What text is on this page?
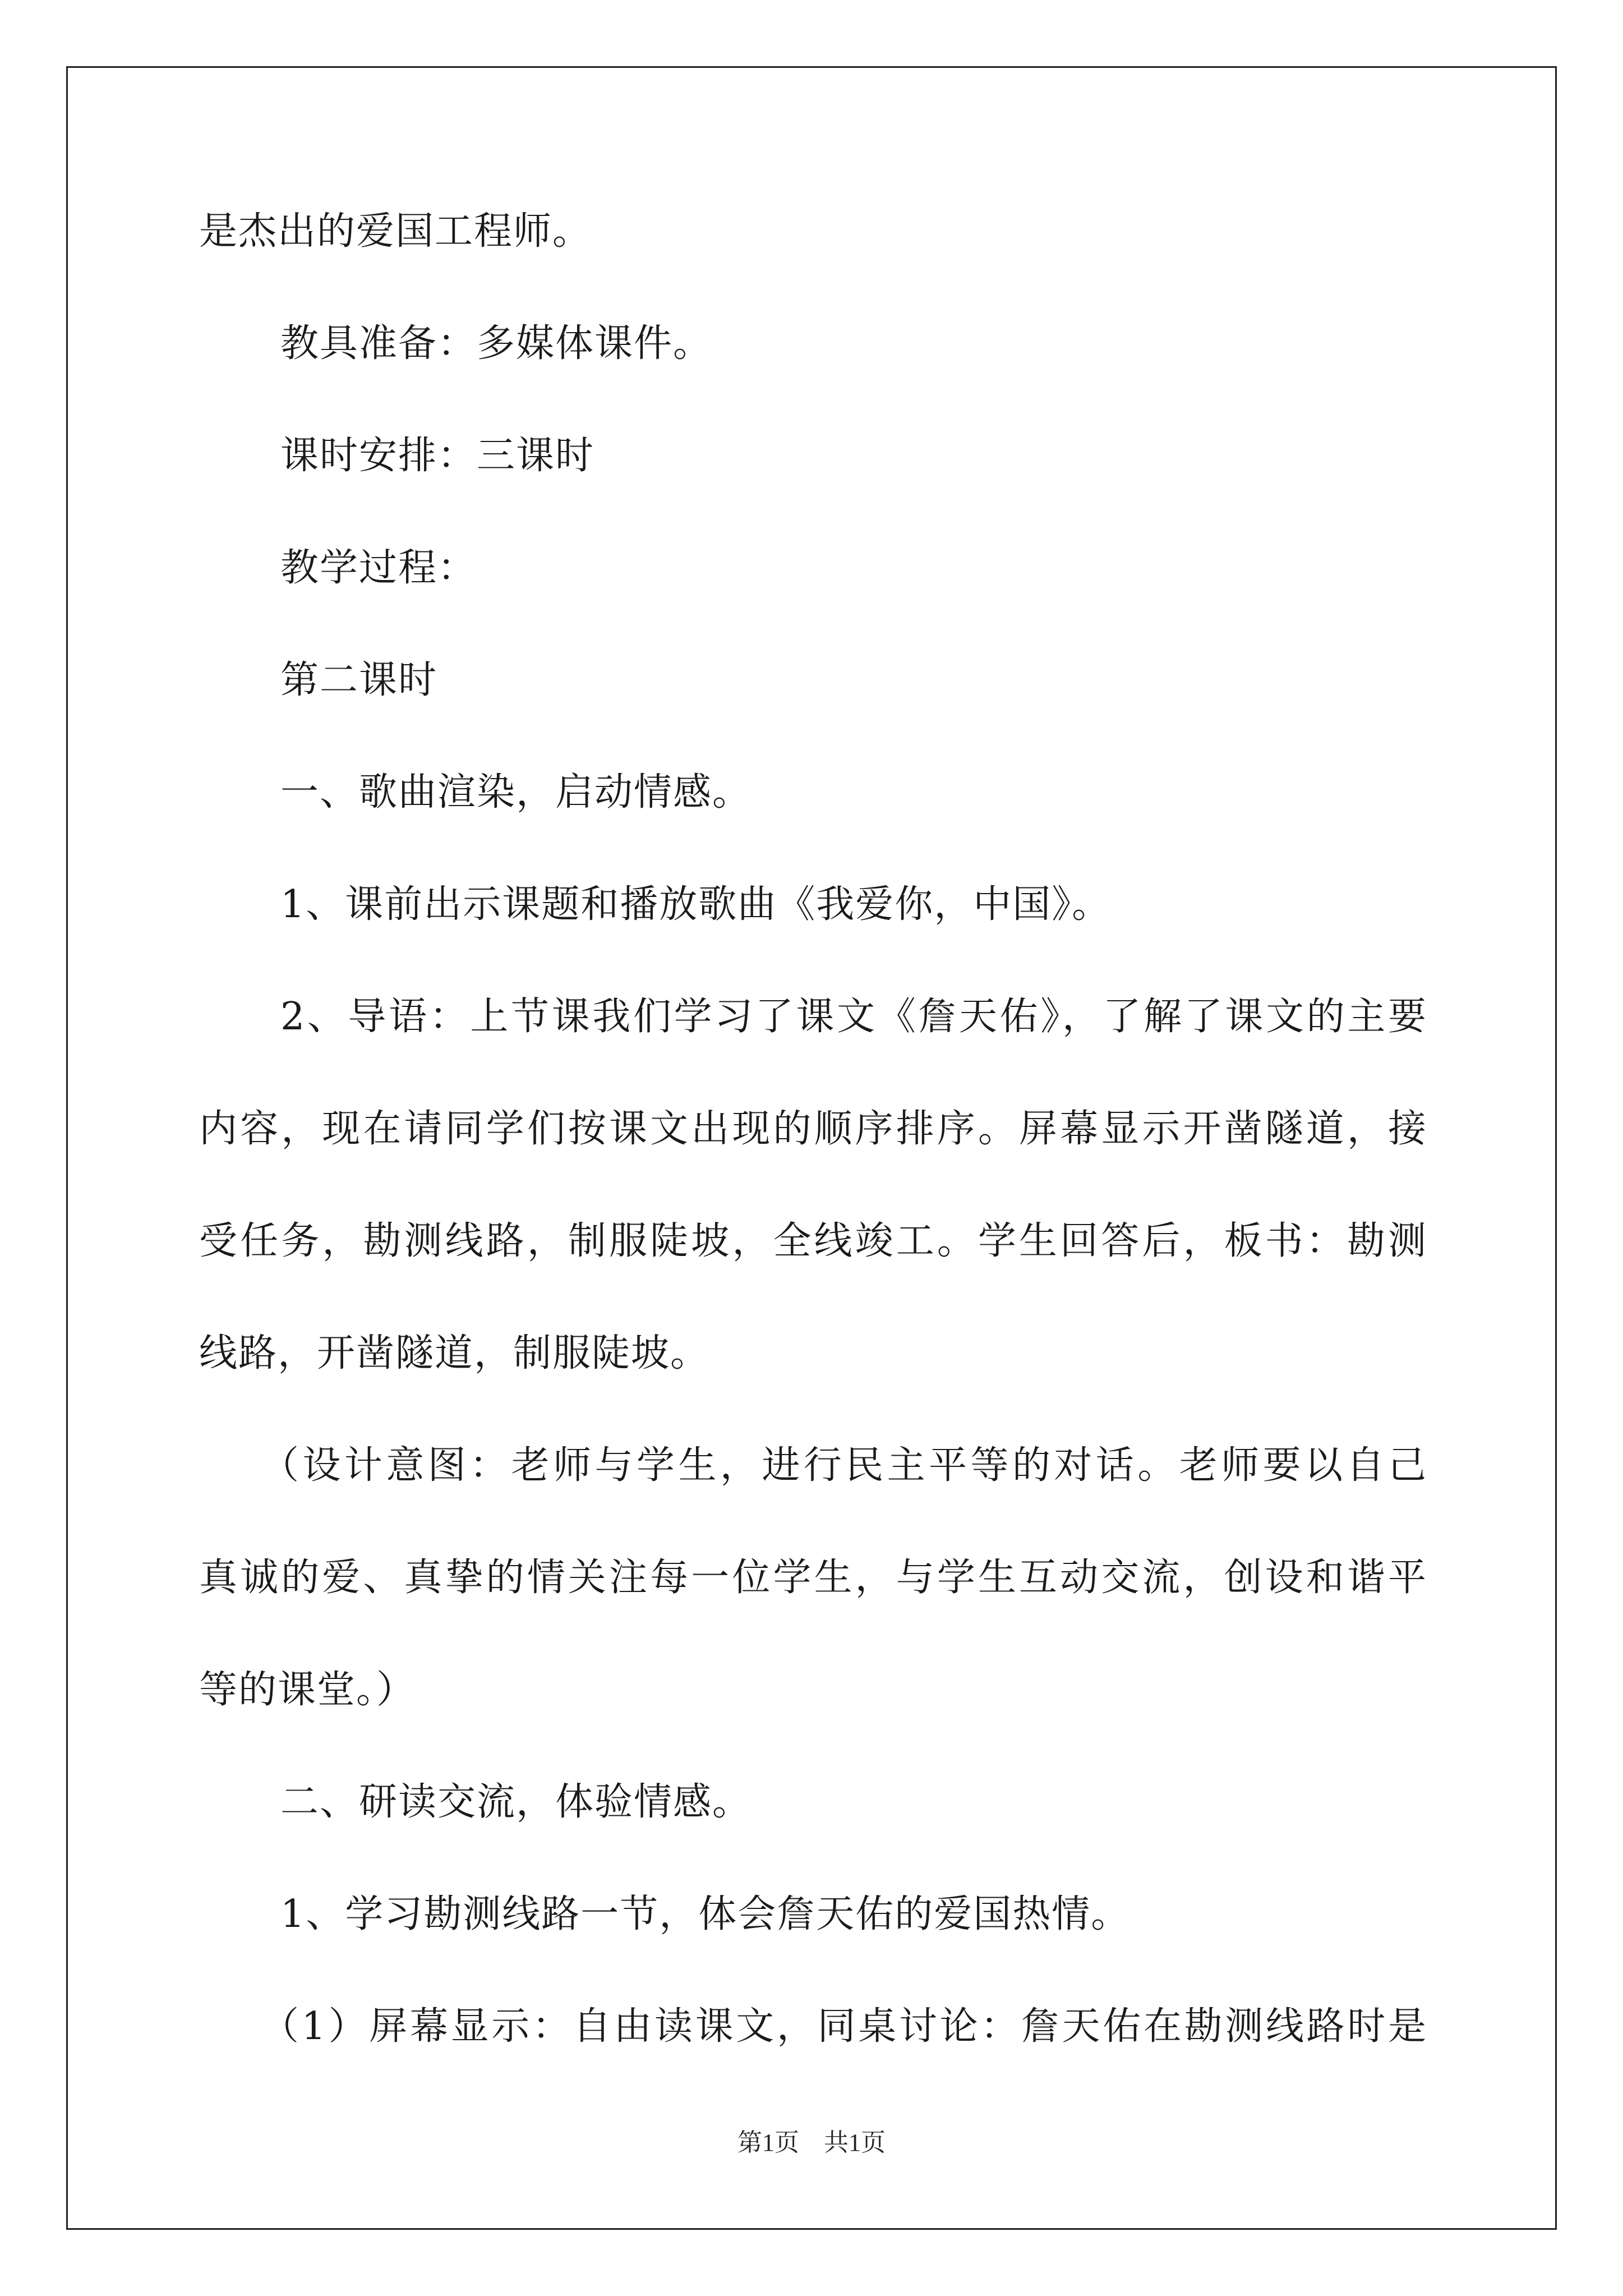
是杰出的爱国工程师。
教具准备：多媒体课件。
课时安排：三课时
教学过程：
第二课时
一、歌曲渲染，启动情感。
1、课前出示课题和播放歌曲《我爱你，中国》。
2、导语：上节课我们学习了课文《詹天佑》，了解了课文的主要
内容，现在请同学们按课文出现的顺序排序。屏幕显示开凿隧道，接
受任务，勘测线路，制服陡坡，全线竣工。学生回答后，板书：勘测
线路，开凿隧道，制服陡坡。
（设计意图：老师与学生，进行民主平等的对话。老师要以自己
真诚的爱、真挚的情关注每一位学生，与学生互动交流，创设和谐平
等的课堂。）
二、研读交流，体验情感。
1、学习勘测线路一节，体会詹天佑的爱国热情。
（1）屏幕显示：自由读课文，同桌讨论：詹天佑在勘测线路时是
第1页　共1页
